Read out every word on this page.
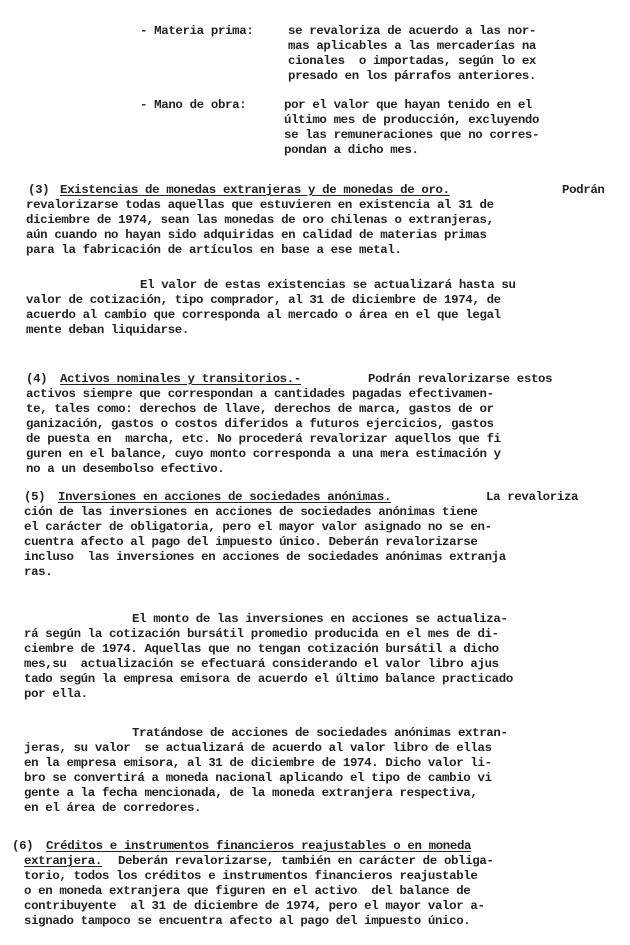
- Materia prima:	se revaloriza de acuerdo a las nor-
mas aplicables a las mercaderías na
cionales  o importadas, según lo ex
presado en los párrafos anteriores.
- Mano de obra:	por el valor que hayan tenido en el
último mes de producción, excluyendo
se las remuneraciones que no corres-
pondan a dicho mes.
(3) Existencias de monedas extranjeras y de monedas de oro.	Podrán
revalorizarse todas aquellas que estuvieren en existencia al 31 de
diciembre de 1974, sean las monedas de oro chilenas o extranjeras,
aún cuando no hayan sido adquiridas en calidad de materias primas
para la fabricación de artículos en base a ese metal.
El valor de estas existencias se actualizará hasta su
valor de cotización, tipo comprador, al 31 de diciembre de 1974, de
acuerdo al cambio que corresponda al mercado o área en el que legal
mente deban liquidarse.
(4) Activos nominales y transitorios.-	Podrán revalorizarse estos
activos siempre que correspondan a cantidades pagadas efectivamen-
te, tales como: derechos de llave, derechos de marca, gastos de or
ganización, gastos o costos diferidos a futuros ejercicios, gastos
de puesta en  marcha, etc. No procederá revalorizar aquellos que fi
guren en el balance, cuyo monto corresponda a una mera estimación y
no a un desembolso efectivo.
(5) Inversiones en acciones de sociedades anónimas.	La revaloriza
ción de las inversiones en acciones de sociedades anónimas tiene
el carácter de obligatoria, pero el mayor valor asignado no se en-
cuentra afecto al pago del impuesto único. Deberán revalorizarse
incluso  las inversiones en acciones de sociedades anónimas extranja
ras.
El monto de las inversiones en acciones se actualiza-
rá según la cotización bursátil promedio producida en el mes de di-
ciembre de 1974. Aquellas que no tengan cotización bursátil a dicho
mes,su  actualización se efectuará considerando el valor libro ajus
tado según la empresa emisora de acuerdo el último balance practicado
por ella.
Tratándose de acciones de sociedades anónimas extran-
jeras, su valor  se actualizará de acuerdo al valor libro de ellas
en la empresa emisora, al 31 de diciembre de 1974. Dicho valor li-
bro se convertirá a moneda nacional aplicando el tipo de cambio vi
gente a la fecha mencionada, de la moneda extranjera respectiva,
en el área de corredores.
(6) Créditos e instrumentos financieros reajustables o en moneda
extranjera. Deberán revalorizarse, también en carácter de obliga-
torio, todos los créditos e instrumentos financieros reajustable
o en moneda extranjera que figuren en el activo  del balance de
contribuyente  al 31 de diciembre de 1974, pero el mayor valor a-
signado tampoco se encuentra afecto al pago del impuesto único.
